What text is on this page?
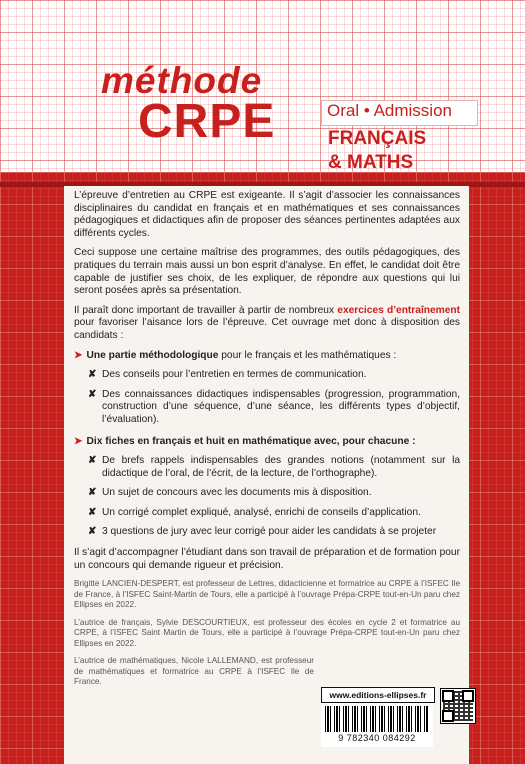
méthode
CRPE	Oral • Admission
FRANÇAIS
& MATHS

L’épreuve d’entretien au CRPE est exigeante. Il s’agit d’associer les connaissances disciplinaires du candidat en français et en mathématiques et ses connaissances pédagogiques et didactiques afin de proposer des séances pertinentes adaptées aux différents cycles.

Ceci suppose une certaine maîtrise des programmes, des outils pédagogiques, des pratiques du terrain mais aussi un bon esprit d’analyse. En effet, le candidat doit être capable de justifier ses choix, de les expliquer, de répondre aux questions qui lui seront posées après sa présentation.

Il paraît donc important de travailler à partir de nombreux exercices d’entraînement pour favoriser l’aisance lors de l’épreuve. Cet ouvrage met donc à disposition des candidats :

➤ Une partie méthodologique pour le français et les mathématiques :

✘ Des conseils pour l’entretien en termes de communication.

✘ Des connaissances didactiques indispensables (progression, programmation, construction d’une séquence, d’une séance, les différents types d’objectif, l’évaluation).

➤ Dix fiches en français et huit en mathématique avec, pour chacune :

✘ De brefs rappels indispensables des grandes notions (notamment sur la didactique de l’oral, de l’écrit, de la lecture, de l’orthographe).

✘ Un sujet de concours avec les documents mis à disposition.

✘ Un corrigé complet expliqué, analysé, enrichi de conseils d’application.

✘ 3 questions de jury avec leur corrigé pour aider les candidats à se projeter

Il s’agit d’accompagner l’étudiant dans son travail de préparation et de formation pour un concours qui demande rigueur et précision.

Brigitte LANCIEN-DESPERT, est professeur de Lettres, didacticienne et formatrice au CRPE à l’ISFEC Ile de France, à l’ISFEC Saint-Martin de Tours, elle a participé à l’ouvrage Prépa-CRPE tout-en-Un paru chez Ellipses en 2022.

L’autrice de français, Sylvie DESCOURTIEUX, est professeur des écoles en cycle 2 et formatrice au CRPE, à l’ISFEC Saint Martin de Tours, elle a participé à l’ouvrage Prépa-CRPE tout-en-Un paru chez Ellipses en 2022.

L’autrice de mathématiques, Nicole LALLEMAND, est professeur de mathématiques et formatrice au CRPE à l’ISFEC Ile de France.

www.editions-ellipses.fr
9 782340 084292
